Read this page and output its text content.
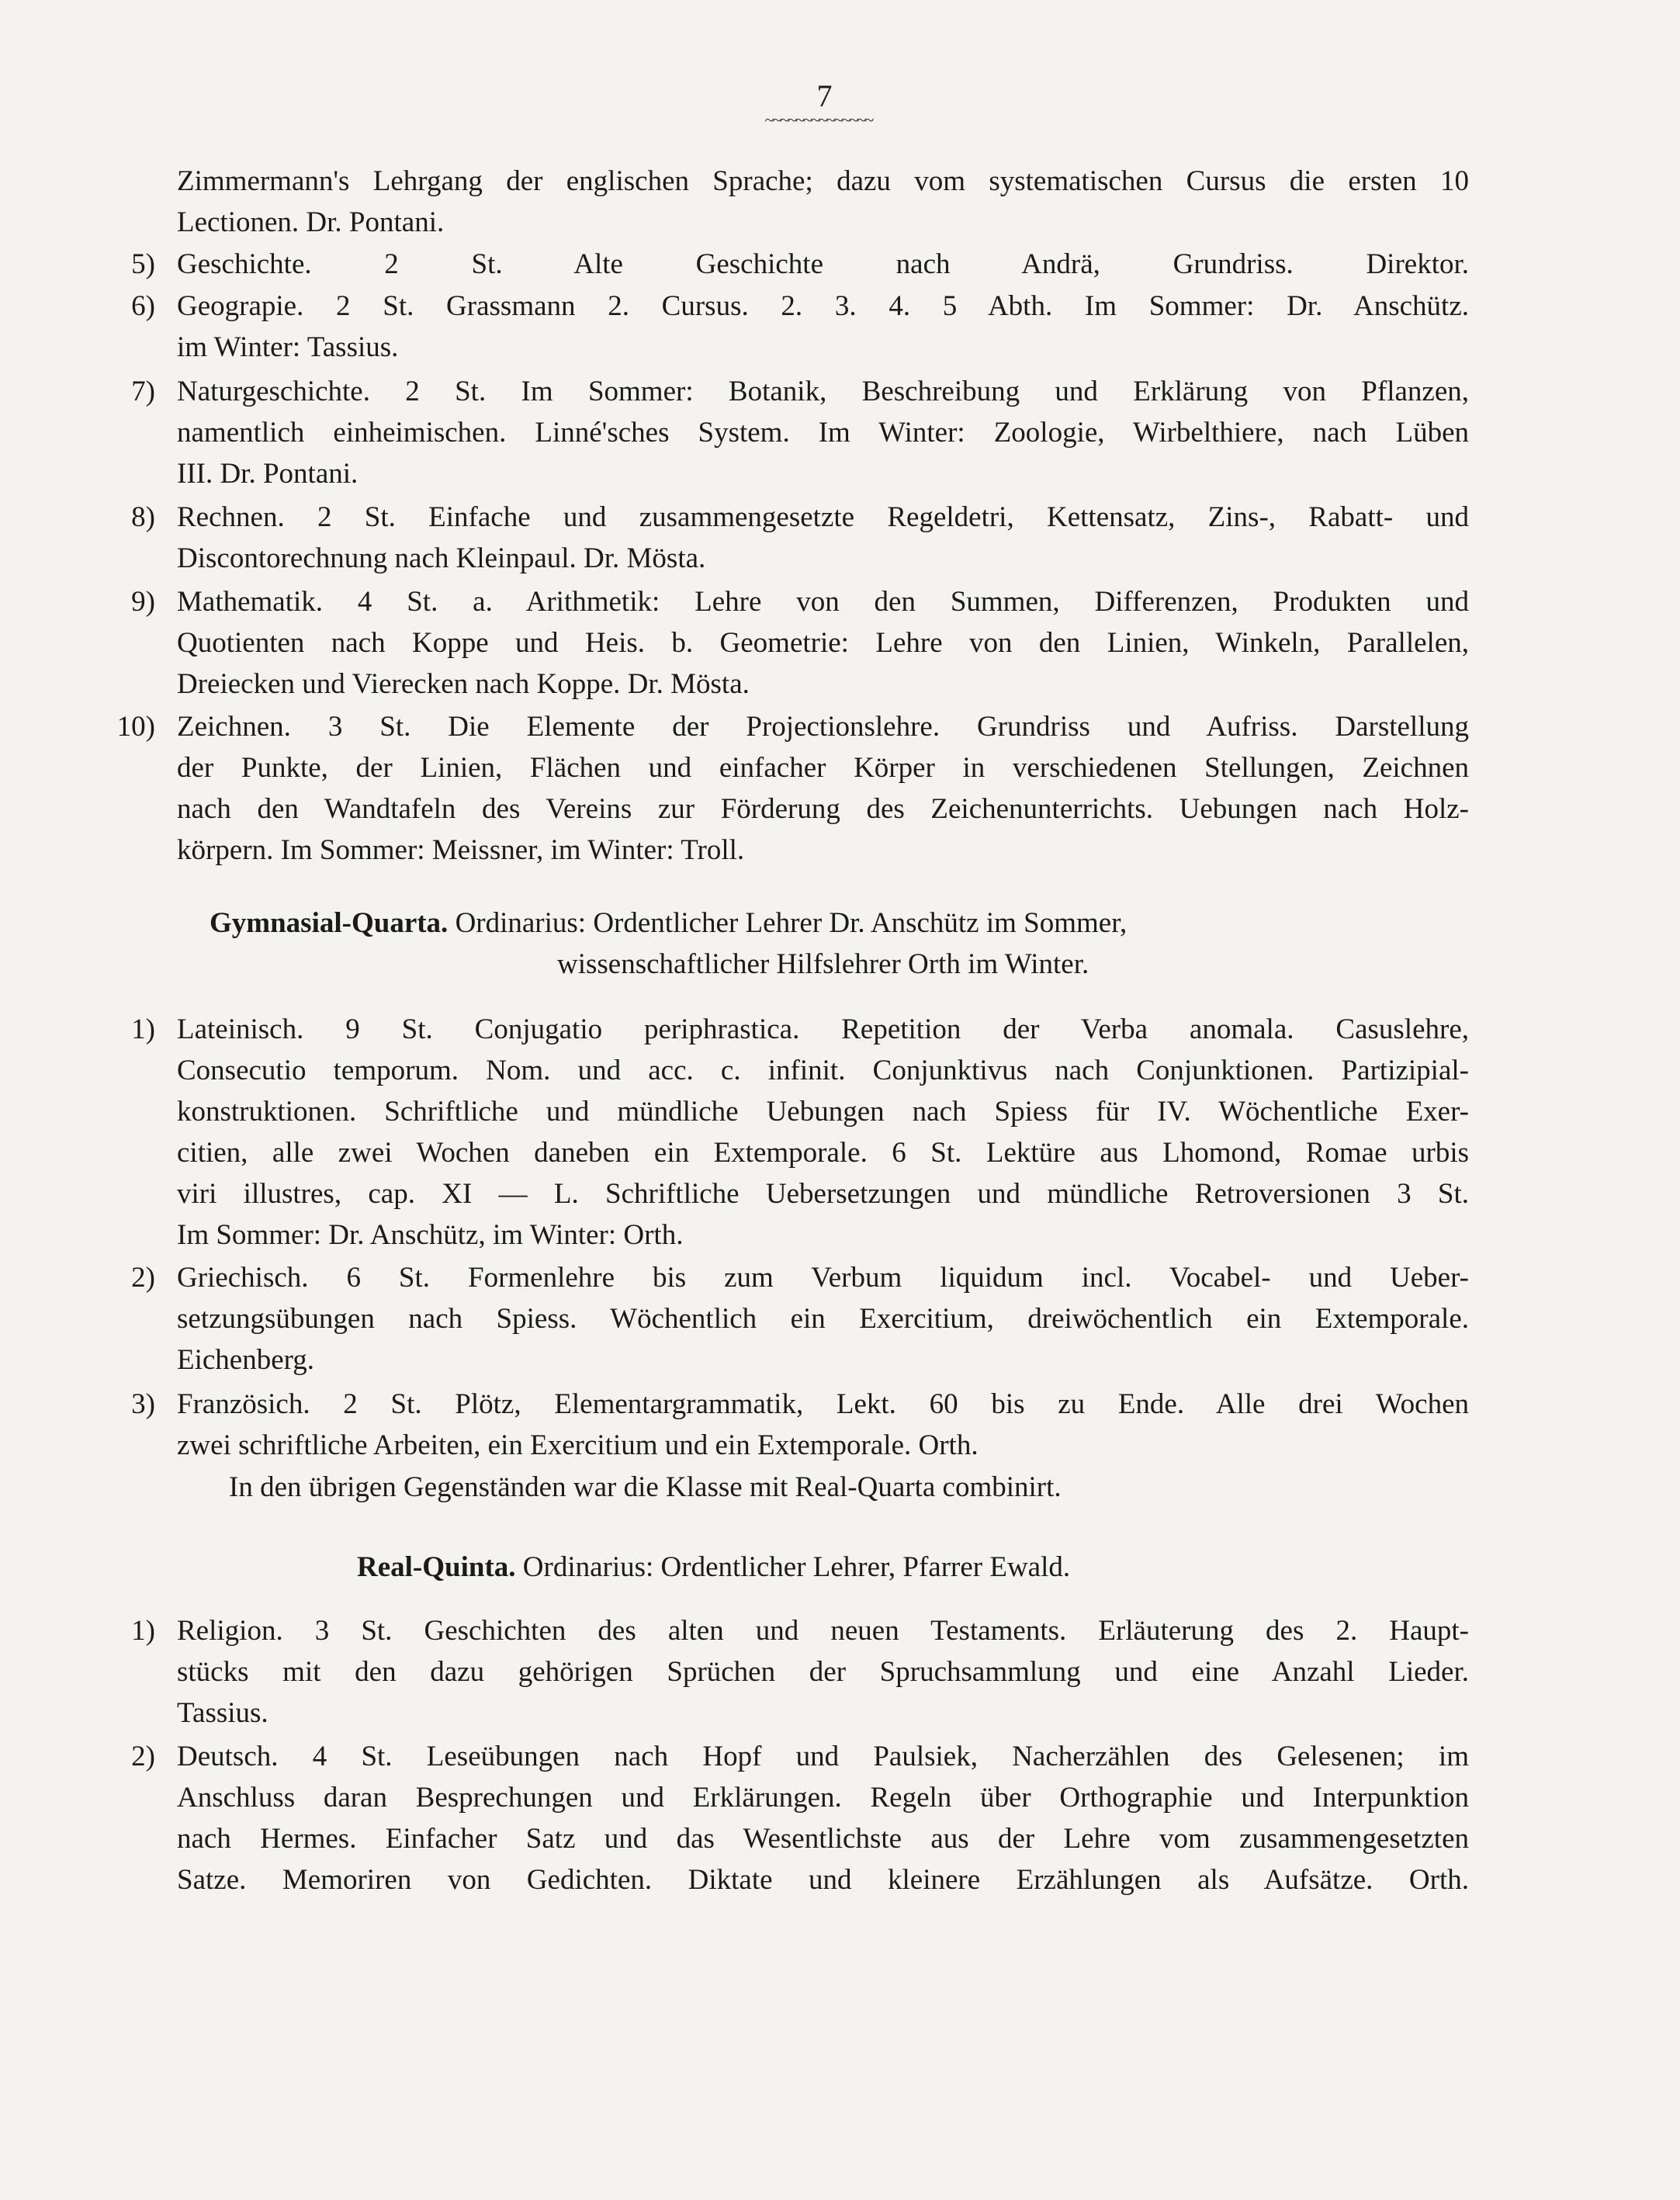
7
~~~~~~~~~~~~~~
Zimmermann's Lehrgang der englischen Sprache; dazu vom systematischen Cursus die ersten 10
Lectionen. Dr. Pontani.
5) Geschichte. 2 St. Alte Geschichte nach Andrä, Grundriss. Direktor.
6) Geograpie. 2 St. Grassmann 2. Cursus. 2. 3. 4. 5 Abth. Im Sommer: Dr. Anschütz.
im Winter: Tassius.
7) Naturgeschichte. 2 St. Im Sommer: Botanik, Beschreibung und Erklärung von Pflanzen,
namentlich einheimischen. Linné'sches System. Im Winter: Zoologie, Wirbelthiere, nach Lüben
III. Dr. Pontani.
8) Rechnen. 2 St. Einfache und zusammengesetzte Regeldetri, Kettensatz, Zins-, Rabatt- und
Discontorechnung nach Kleinpaul. Dr. Mösta.
9) Mathematik. 4 St. a. Arithmetik: Lehre von den Summen, Differenzen, Produkten und
Quotienten nach Koppe und Heis. b. Geometrie: Lehre von den Linien, Winkeln, Parallelen,
Dreiecken und Vierecken nach Koppe. Dr. Mösta.
10) Zeichnen. 3 St. Die Elemente der Projectionslehre. Grundriss und Aufriss. Darstellung
der Punkte, der Linien, Flächen und einfacher Körper in verschiedenen Stellungen, Zeichnen
nach den Wandtafeln des Vereins zur Förderung des Zeichenunterrichts. Uebungen nach Holz-
körpern. Im Sommer: Meissner, im Winter: Troll.
Gymnasial-Quarta. Ordinarius: Ordentlicher Lehrer Dr. Anschütz im Sommer,
wissenschaftlicher Hilfslehrer Orth im Winter.
1) Lateinisch. 9 St. Conjugatio periphrastica. Repetition der Verba anomala. Casuslehre,
Consecutio temporum. Nom. und acc. c. infinit. Conjunktivus nach Conjunktionen. Partizipial-
konstruktionen. Schriftliche und mündliche Uebungen nach Spiess für IV. Wöchentliche Exer-
citien, alle zwei Wochen daneben ein Extemporale. 6 St. Lektüre aus Lhomond, Romae urbis
viri illustres, cap. XI — L. Schriftliche Uebersetzungen und mündliche Retroversionen 3 St.
Im Sommer: Dr. Anschütz, im Winter: Orth.
2) Griechisch. 6 St. Formenlehre bis zum Verbum liquidum incl. Vocabel- und Ueber-
setzungsübungen nach Spiess. Wöchentlich ein Exercitium, dreiwöchentlich ein Extemporale.
Eichenberg.
3) Französich. 2 St. Plötz, Elementargrammatik, Lekt. 60 bis zu Ende. Alle drei Wochen
zwei schriftliche Arbeiten, ein Exercitium und ein Extemporale. Orth.
In den übrigen Gegenständen war die Klasse mit Real-Quarta combinirt.
Real-Quinta. Ordinarius: Ordentlicher Lehrer, Pfarrer Ewald.
1) Religion. 3 St. Geschichten des alten und neuen Testaments. Erläuterung des 2. Haupt-
stücks mit den dazu gehörigen Sprüchen der Spruchsammlung und eine Anzahl Lieder.
Tassius.
2) Deutsch. 4 St. Leseübungen nach Hopf und Paulsiek, Nacherzählen des Gelesenen; im
Anschluss daran Besprechungen und Erklärungen. Regeln über Orthographie und Interpunktion
nach Hermes. Einfacher Satz und das Wesentlichste aus der Lehre vom zusammengesetzten
Satze. Memoriren von Gedichten. Diktate und kleinere Erzählungen als Aufsätze. Orth.
